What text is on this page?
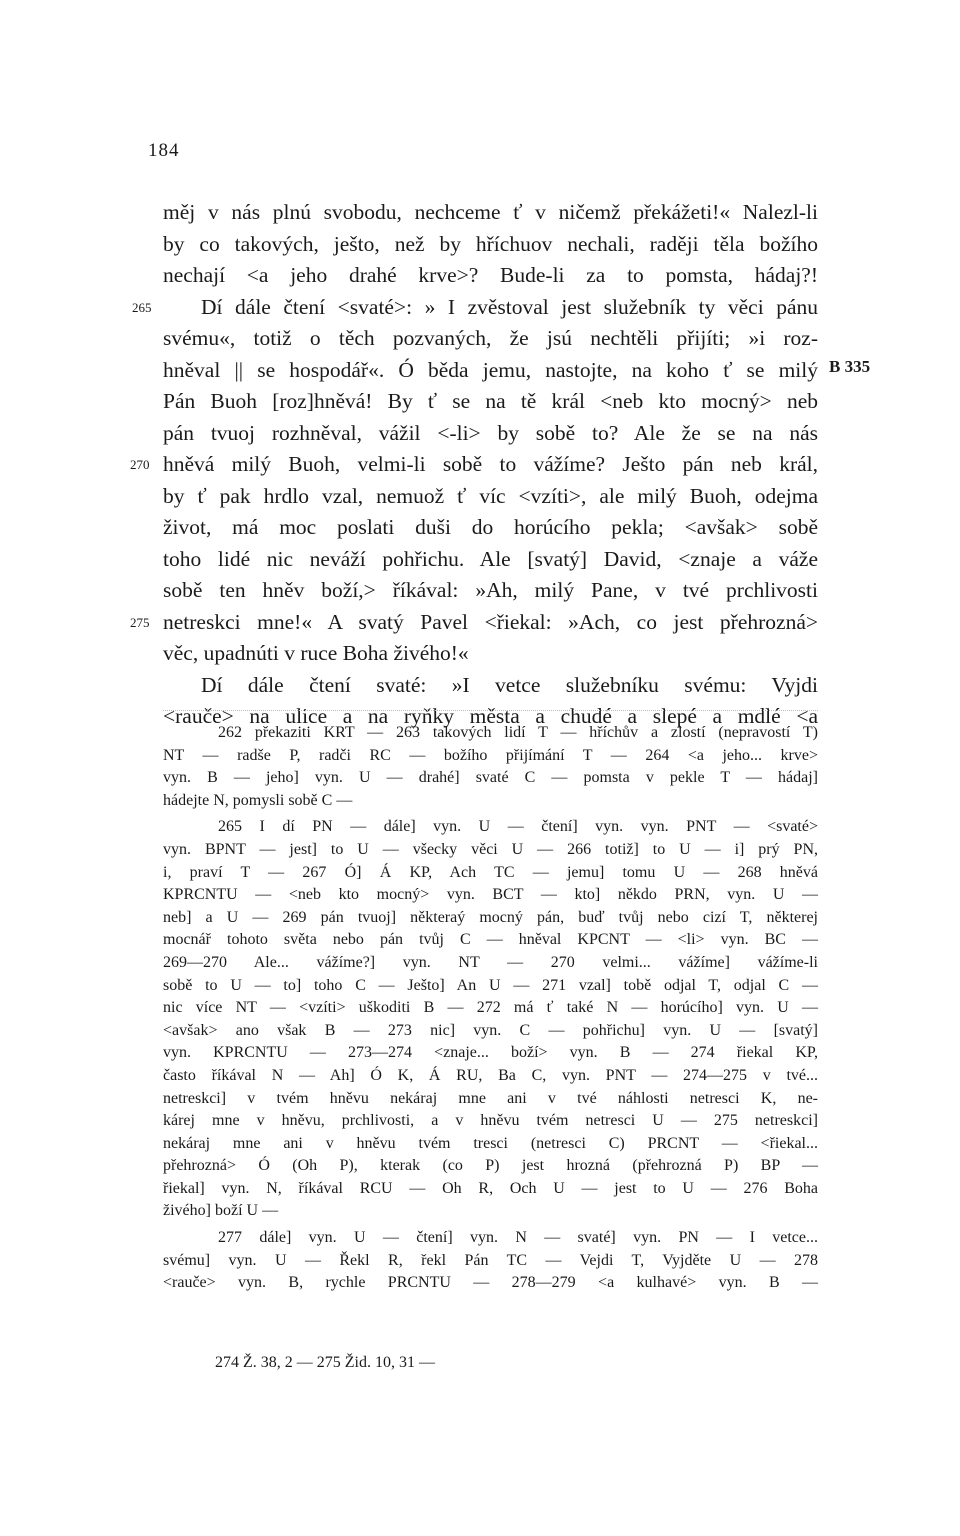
184
měj v nás plnú svobodu, nechceme ť v ničemž překážeti!« Nalezl-li
by co takových, ješto, než by hříchuov nechali, raději těla božího
nechají <a jeho drahé krve>? Bude-li za to pomsta, hádaj?!
265 Dí dále čtení <svaté>: » I zvěstoval jest služebník ty věci pánu
svému«, totiž o těch pozvaných, že jsú nechtěli přijíti; »i roz-
hněval || se hospodář«. Ó běda jemu, nastojte, na koho ť se milý
Pán Buoh [roz]hněvá! By ť se na tě král <neb kto mocný> neb
pán tvuoj rozhněval, vážil <-li> by sobě to? Ale že se na nás
270 hněvá milý Buoh, velmi-li sobě to vážíme? Ješto pán neb král,
by ť pak hrdlo vzal, nemuož ť víc <vzíti>, ale milý Buoh, odejma
život, má moc poslati duši do horúcího pekla; <avšak> sobě
toho lidé nic neváží pohřichu. Ale [svatý] David, <znaje a váže
sobě ten hněv boží,> říkával: »Ah, milý Pane, v tvé prchlivosti
275 netreskci mne!« A svatý Pavel <řiekal: »Ach, co jest přehrozná>
věc, upadnúti v ruce Boha živého!«
Dí dále čtení svaté: »I vetce služebníku svému: Vyjdi
<rauče> na ulice a na ryňky města a chudé a slepé a mdlé <a
B 335
262 překaziti KRT — 263 takových lidí T — hříchův a zlostí (nepravostí T)
NT — radše P, radči RC — božího přijímání T — 264 <a jeho... krve>
vyn. B — jeho] vyn. U — drahé] svaté C — pomsta v pekle T — hádaj]
hádejte N, pomysli sobě C —
265 I dí PN — dále] vyn. U — čtení] vyn. vyn. PNT — <svaté>
vyn. BPNT — jest] to U — všecky věci U — 266 totiž] to U — i] prý PN,
i, praví T — 267 Ó] Á KP, Ach TC — jemu] tomu U — 268 hněvá
KPRCNTU — <neb kto mocný> vyn. BCT — kto] někdo PRN, vyn. U —
neb] a U — 269 pán tvuoj] některaý mocný pán, buď tvůj nebo cizí T, některej
mocnář tohoto světa nebo pán tvůj C — hněval KPCNT — <li> vyn. BC —
269—270 Ale... vážíme?] vyn. NT — 270 velmi... vážíme] vážíme-li
sobě to U — to] toho C — Ješto] An U — 271 vzal] tobě odjal T, odjal C —
nic více NT — <vzíti> uškoditi B — 272 má ť také N — horúcího] vyn. U —
<avšak> ano však B — 273 nic] vyn. C — pohřichu] vyn. U — [svatý]
vyn. KPRCNTU — 273—274 <znaje... boží> vyn. B — 274 řiekal KP,
často říkával N — Ah] Ó K, Á RU, Ba C, vyn. PNT — 274—275 v tvé...
netreskci] v tvém hněvu nekáraj mne ani v tvé náhlosti netresci K, ne-
kárej mne v hněvu, prchlivosti, a v hněvu tvém netresci U — 275 netreskci]
nekáraj mne ani v hněvu tvém tresci (netresci C) PRCNT — <řiekal...
přehrozná> Ó (Oh P), kterak (co P) jest hrozná (přehrozná P) BP —
řiekal] vyn. N, říkával RCU — Oh R, Och U — jest to U — 276 Boha
živého] boží U —
277 dále] vyn. U — čtení] vyn. N — svaté] vyn. PN — I vetce...
svému] vyn. U — Řekl R, řekl Pán TC — Vejdi T, Vyjděte U — 278
<rauče> vyn. B, rychle PRCNTU — 278—279 <a kulhavé> vyn. B —
274 Ž. 38, 2 — 275 Žid. 10, 31 —
